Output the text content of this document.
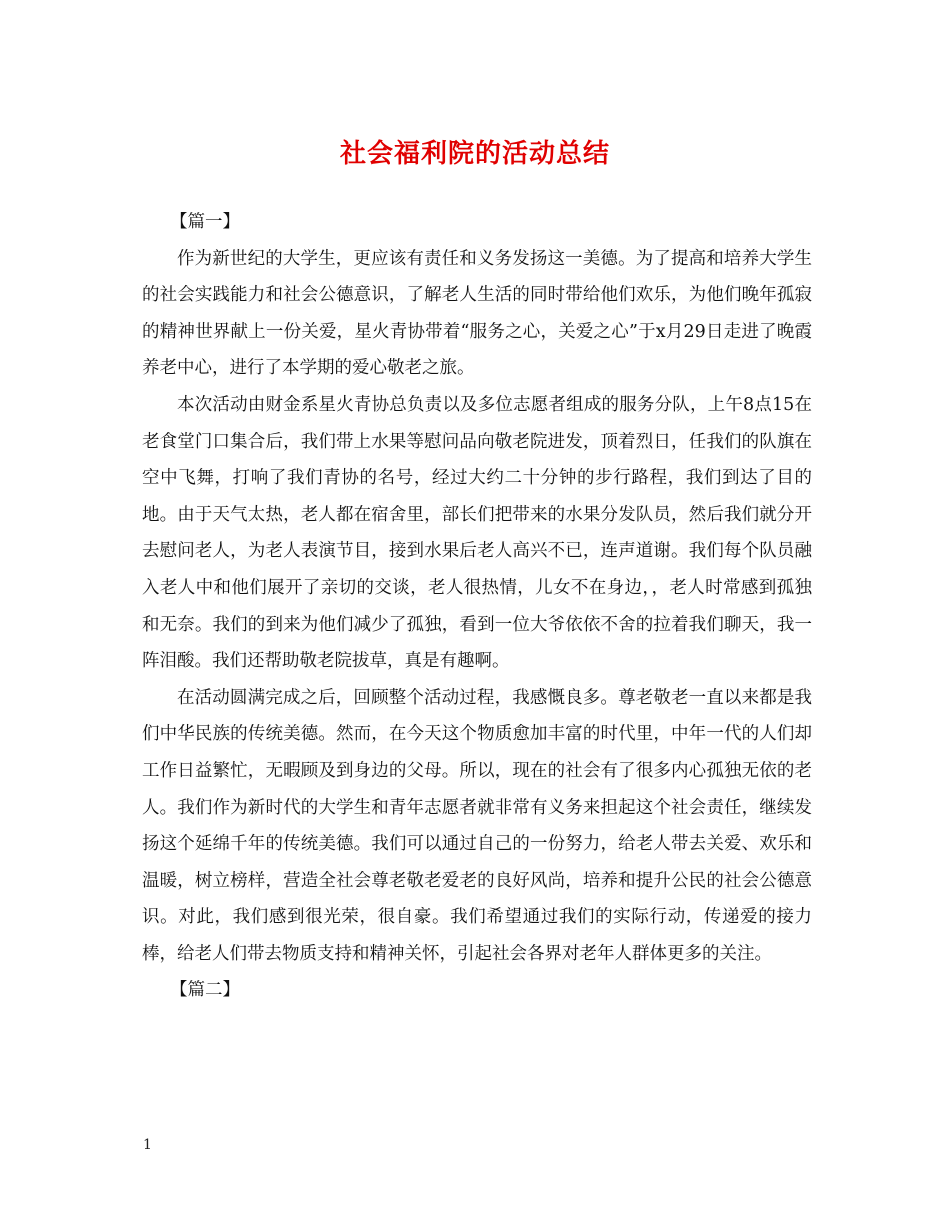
社会福利院的活动总结

【篇一】

作为新世纪的大学生，更应该有责任和义务发扬这一美德。为了提高和培养大学生的社会实践能力和社会公德意识，了解老人生活的同时带给他们欢乐，为他们晚年孤寂的精神世界献上一份关爱，星火青协带着“服务之心，关爱之心”于x月29日走进了晚霞养老中心，进行了本学期的爱心敬老之旅。

本次活动由财金系星火青协总负责以及多位志愿者组成的服务分队，上午8点15在老食堂门口集合后，我们带上水果等慰问品向敬老院进发，顶着烈日，任我们的队旗在空中飞舞，打响了我们青协的名号，经过大约二十分钟的步行路程，我们到达了目的地。由于天气太热，老人都在宿舍里，部长们把带来的水果分发队员，然后我们就分开去慰问老人，为老人表演节目，接到水果后老人高兴不已，连声道谢。我们每个队员融入老人中和他们展开了亲切的交谈，老人很热情，儿女不在身边，，老人时常感到孤独和无奈。我们的到来为他们减少了孤独，看到一位大爷依依不舍的拉着我们聊天，我一阵泪酸。我们还帮助敬老院拔草，真是有趣啊。

在活动圆满完成之后，回顾整个活动过程，我感慨良多。尊老敬老一直以来都是我们中华民族的传统美德。然而，在今天这个物质愈加丰富的时代里，中年一代的人们却工作日益繁忙，无暇顾及到身边的父母。所以，现在的社会有了很多内心孤独无依的老人。我们作为新时代的大学生和青年志愿者就非常有义务来担起这个社会责任，继续发扬这个延绵千年的传统美德。我们可以通过自己的一份努力，给老人带去关爱、欢乐和温暖，树立榜样，营造全社会尊老敬老爱老的良好风尚，培养和提升公民的社会公德意识。对此，我们感到很光荣，很自豪。我们希望通过我们的实际行动，传递爱的接力棒，给老人们带去物质支持和精神关怀，引起社会各界对老年人群体更多的关注。

【篇二】

1
